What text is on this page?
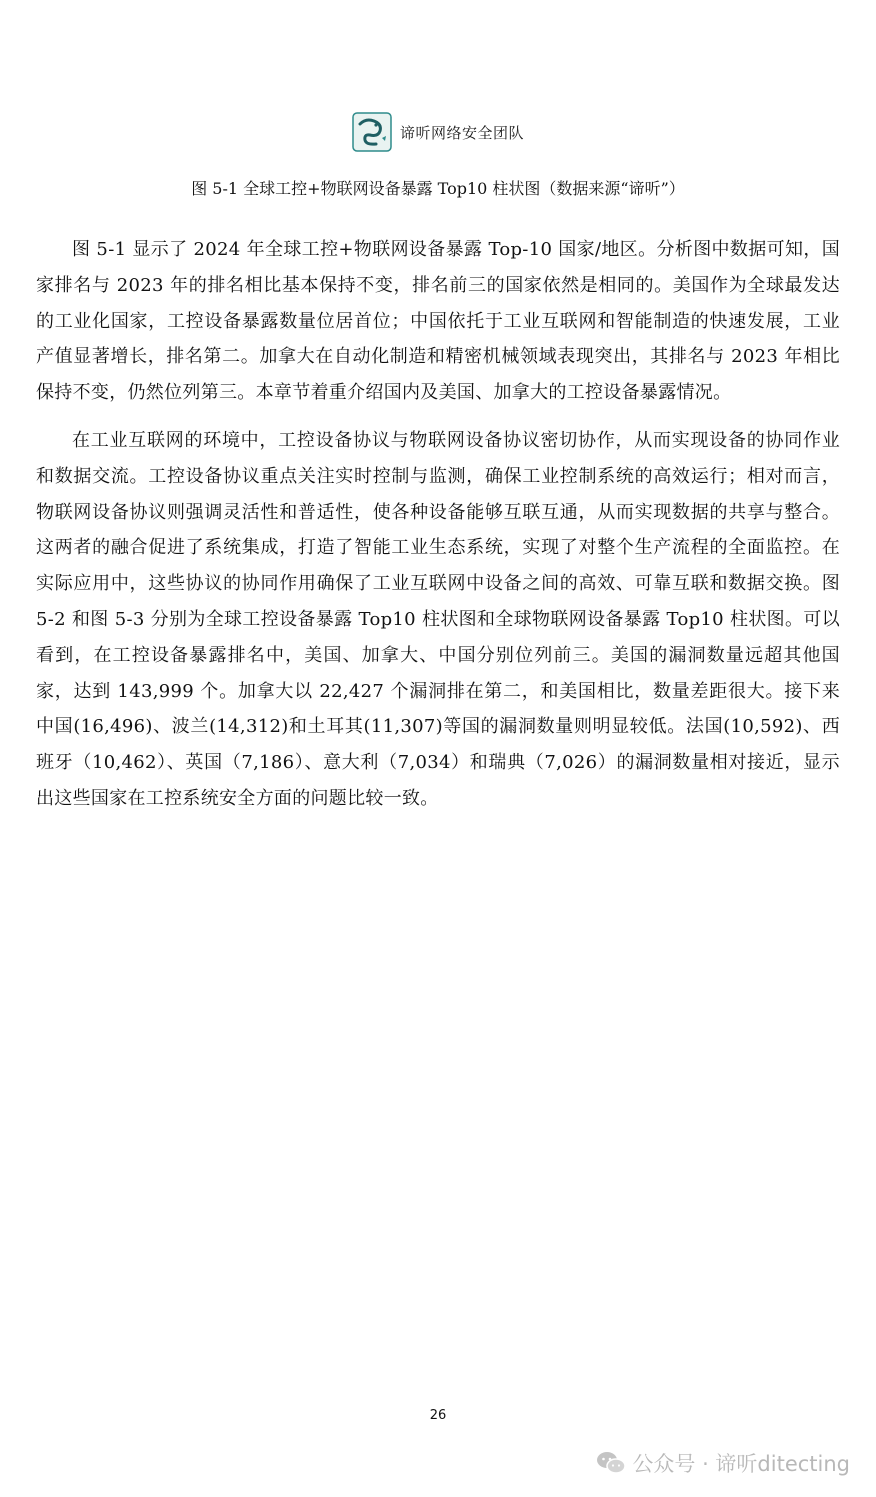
谛听网络安全团队
图 5-1 全球工控+物联网设备暴露 Top10 柱状图（数据来源“谛听”）

图 5-1 显示了 2024 年全球工控+物联网设备暴露 Top-10 国家/地区。分析图中数据可知，国家排名与 2023 年的排名相比基本保持不变，排名前三的国家依然是相同的。美国作为全球最发达的工业化国家，工控设备暴露数量位居首位；中国依托于工业互联网和智能制造的快速发展，工业产值显著增长，排名第二。加拿大在自动化制造和精密机械领域表现突出，其排名与 2023 年相比保持不变，仍然位列第三。本章节着重介绍国内及美国、加拿大的工控设备暴露情况。

在工业互联网的环境中，工控设备协议与物联网设备协议密切协作，从而实现设备的协同作业和数据交流。工控设备协议重点关注实时控制与监测，确保工业控制系统的高效运行；相对而言，物联网设备协议则强调灵活性和普适性，使各种设备能够互联互通，从而实现数据的共享与整合。这两者的融合促进了系统集成，打造了智能工业生态系统，实现了对整个生产流程的全面监控。在实际应用中，这些协议的协同作用确保了工业互联网中设备之间的高效、可靠互联和数据交换。图 5-2 和图 5-3 分别为全球工控设备暴露 Top10 柱状图和全球物联网设备暴露 Top10 柱状图。可以看到，在工控设备暴露排名中，美国、加拿大、中国分别位列前三。美国的漏洞数量远超其他国家，达到 143,999 个。加拿大以 22,427 个漏洞排在第二，和美国相比，数量差距很大。接下来中国(16,496)、波兰(14,312)和土耳其(11,307)等国的漏洞数量则明显较低。法国(10,592)、西班牙（10,462）、英国（7,186）、意大利（7,034）和瑞典（7,026）的漏洞数量相对接近，显示出这些国家在工控系统安全方面的问题比较一致。

26
公众号 · 谛听ditecting
